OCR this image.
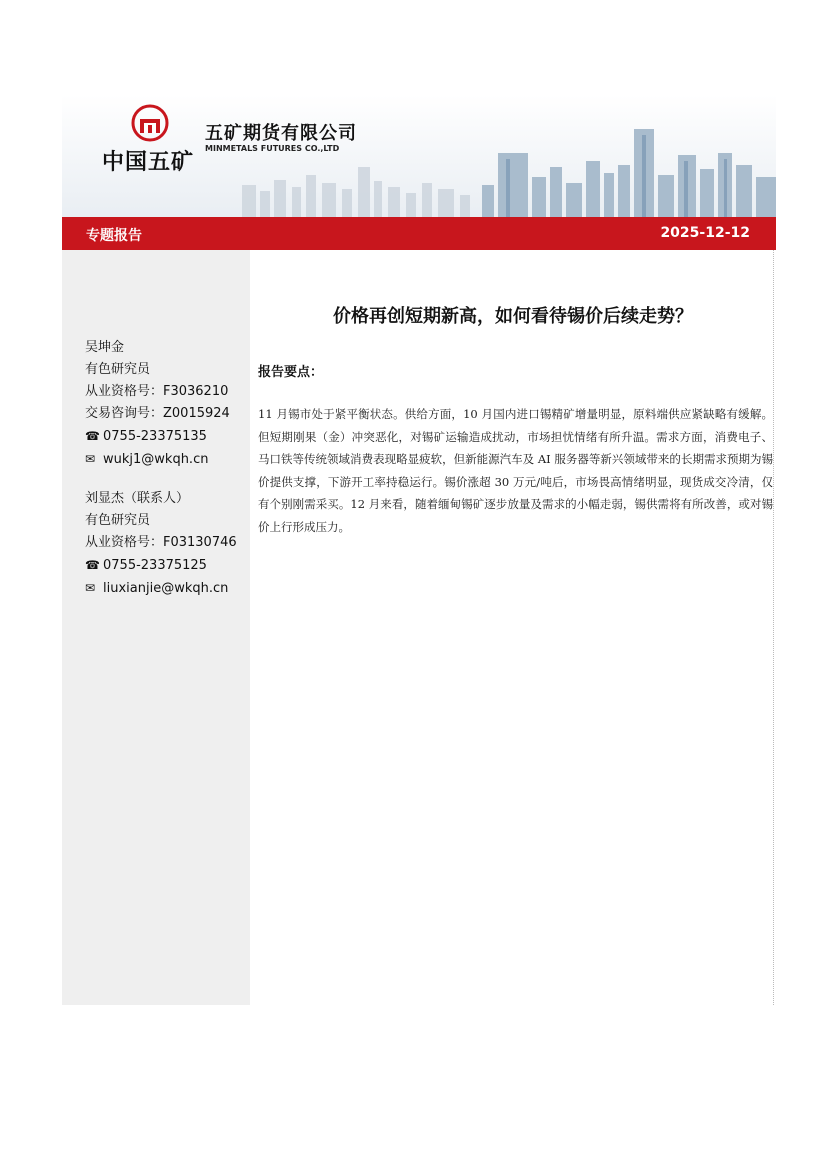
中国五矿
五矿期货有限公司
MINMETALS FUTURES CO.,LTD
专题报告	2025-12-12
吴坤金
有色研究员
从业资格号：F3036210
交易咨询号：Z0015924
☎ 0755-23375135
✉ wukj1@wkqh.cn
刘显杰（联系人）
有色研究员
从业资格号：F03130746
☎ 0755-23375125
✉ liuxianjie@wkqh.cn
价格再创短期新高，如何看待锡价后续走势？
报告要点：
11 月锡市处于紧平衡状态。供给方面，10 月国内进口锡精矿增量明显，原料端供应紧缺略有缓解。但短期刚果（金）冲突恶化，对锡矿运输造成扰动，市场担忧情绪有所升温。需求方面，消费电子、马口铁等传统领域消费表现略显疲软，但新能源汽车及 AI 服务器等新兴领域带来的长期需求预期为锡价提供支撑，下游开工率持稳运行。锡价涨超 30 万元/吨后，市场畏高情绪明显，现货成交冷清，仅有个别刚需采买。12 月来看，随着缅甸锡矿逐步放量及需求的小幅走弱，锡供需将有所改善，或对锡价上行形成压力。
